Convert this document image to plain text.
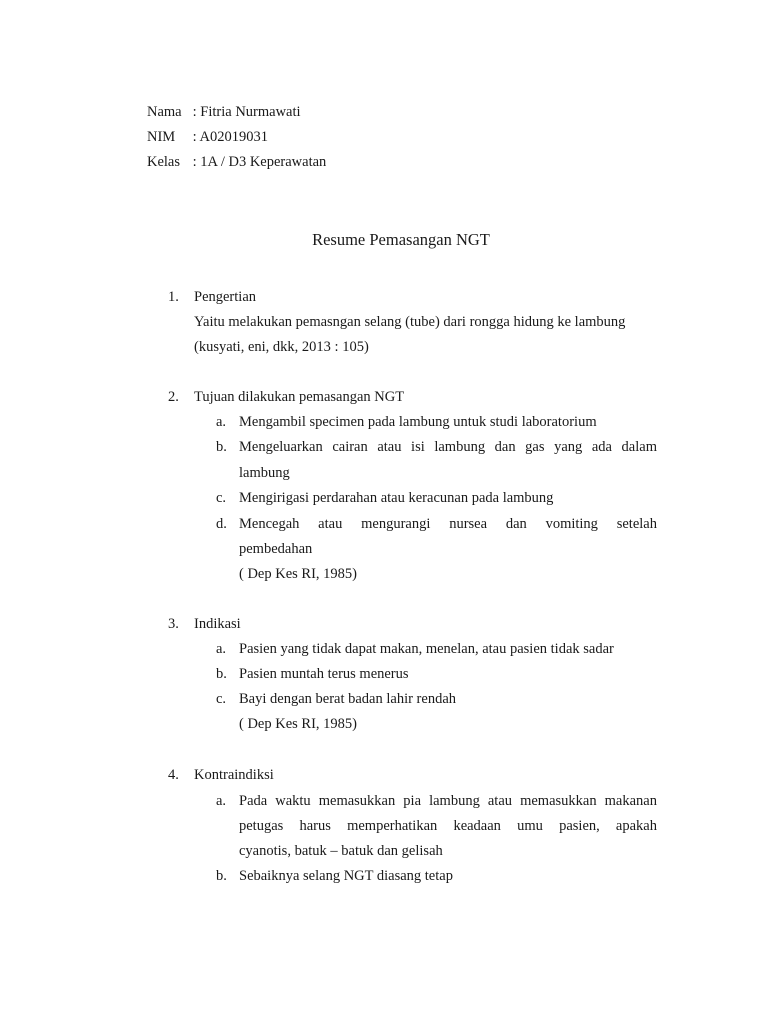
Nama : Fitria Nurmawati
NIM : A02019031
Kelas : 1A / D3 Keperawatan
Resume Pemasangan NGT
1.	Pengertian
Yaitu melakukan pemasngan selang (tube) dari rongga hidung ke lambung
(kusyati, eni, dkk, 2013 : 105)
2.	Tujuan dilakukan pemasangan NGT
a. Mengambil specimen pada lambung untuk studi laboratorium
b. Mengeluarkan cairan atau isi lambung dan gas yang ada dalam
lambung
c. Mengirigasi perdarahan atau keracunan pada lambung
d. Mencegah atau mengurangi nursea dan vomiting setelah
pembedahan
( Dep Kes RI, 1985)
3.	Indikasi
a. Pasien yang tidak dapat makan, menelan, atau pasien tidak sadar
b. Pasien muntah terus menerus
c. Bayi dengan berat badan lahir rendah
( Dep Kes RI, 1985)
4.	Kontraindiksi
a. Pada waktu memasukkan pia lambung atau memasukkan makanan
petugas harus memperhatikan keadaan umu pasien, apakah
cyanotis, batuk – batuk dan gelisah
b. Sebaiknya selang NGT diasang tetap
